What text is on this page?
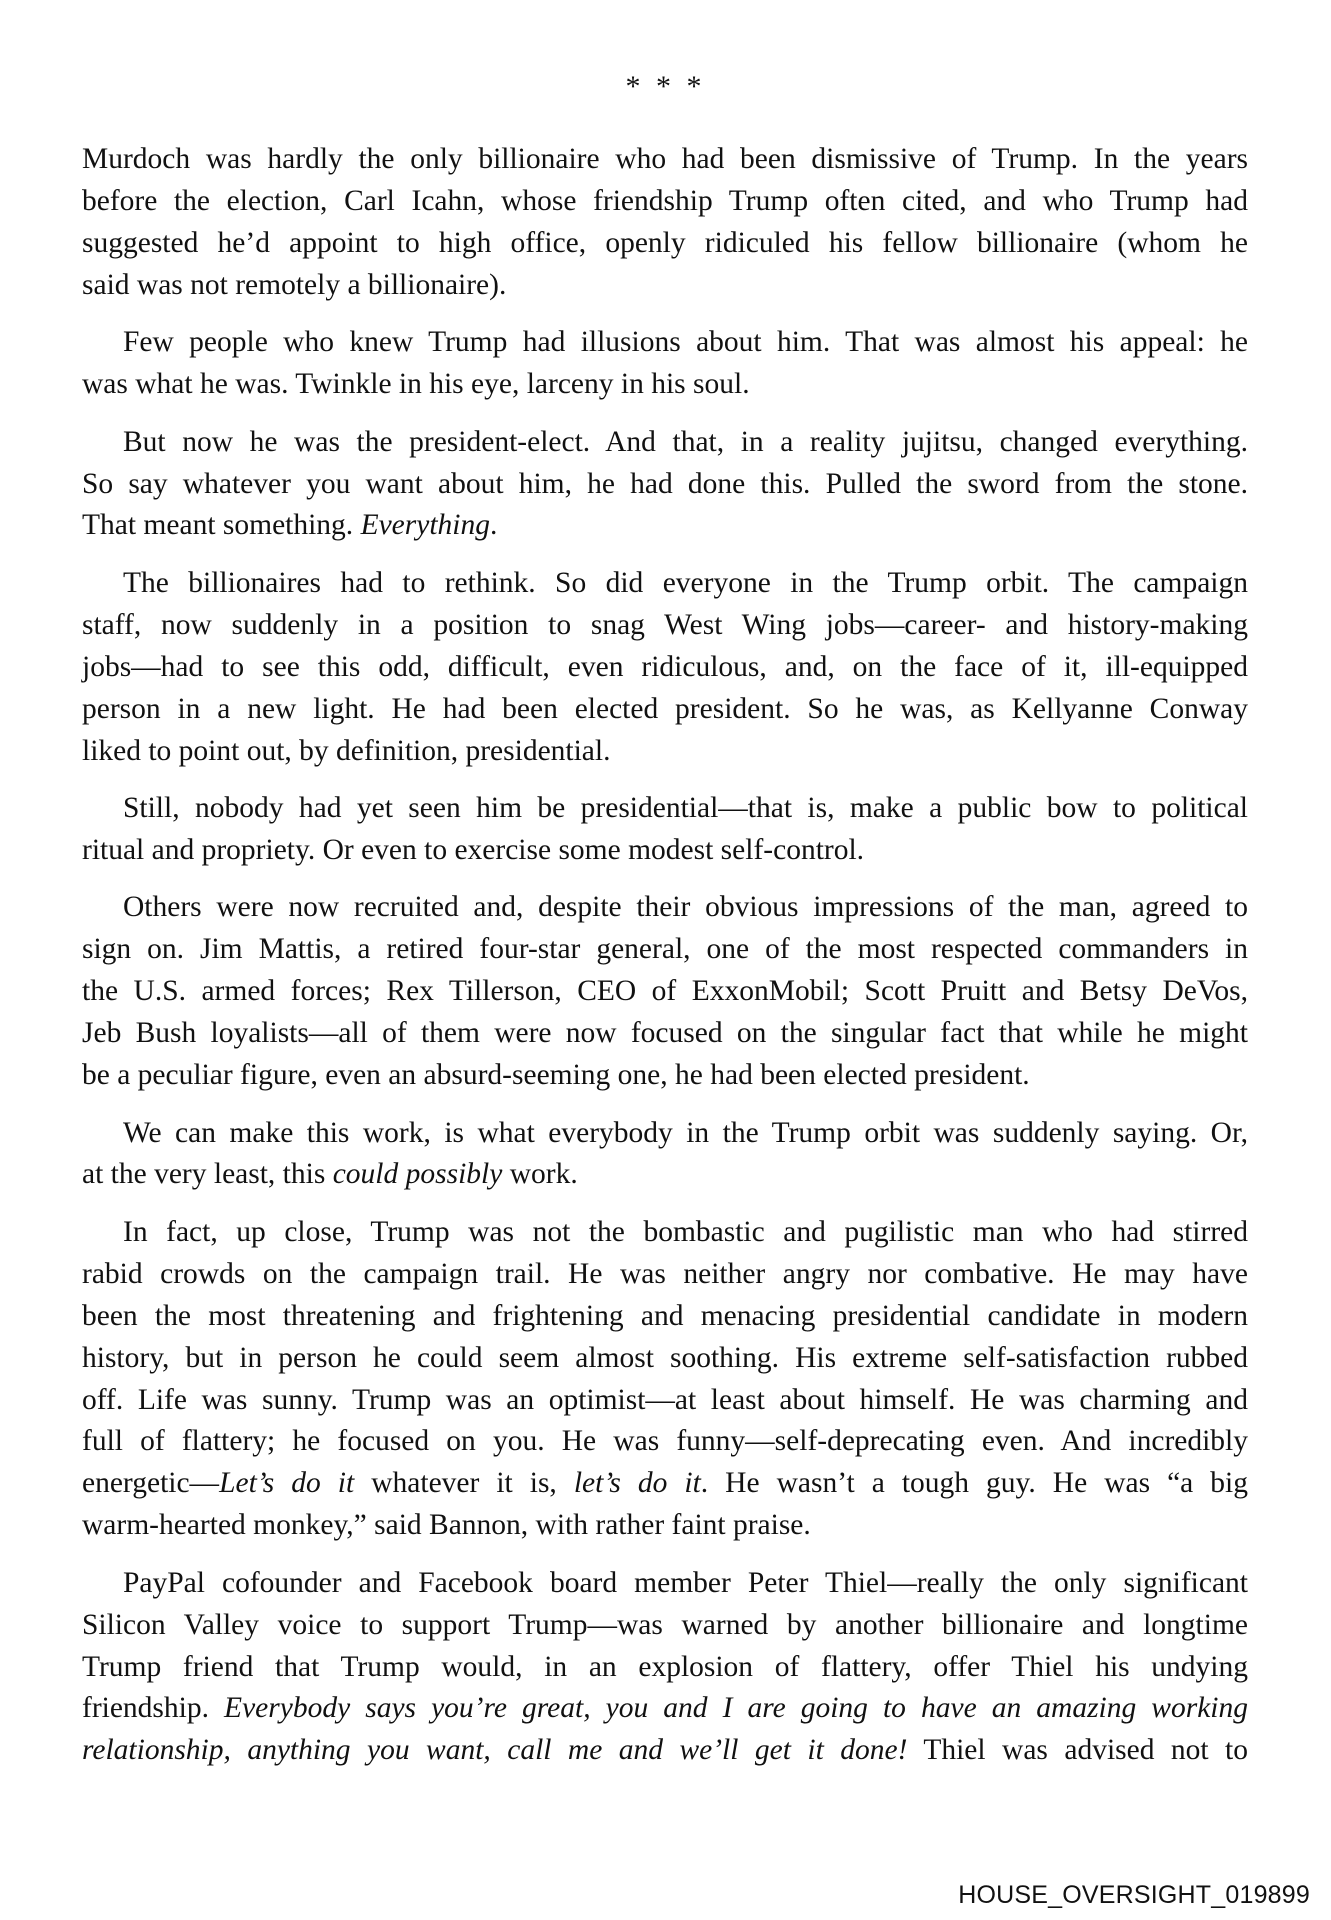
* * *
Murdoch was hardly the only billionaire who had been dismissive of Trump. In the years
before the election, Carl Icahn, whose friendship Trump often cited, and who Trump had
suggested he’d appoint to high office, openly ridiculed his fellow billionaire (whom he
said was not remotely a billionaire).
Few people who knew Trump had illusions about him. That was almost his appeal: he
was what he was. Twinkle in his eye, larceny in his soul.
But now he was the president-elect. And that, in a reality jujitsu, changed everything.
So say whatever you want about him, he had done this. Pulled the sword from the stone.
That meant something. Everything.
The billionaires had to rethink. So did everyone in the Trump orbit. The campaign
staff, now suddenly in a position to snag West Wing jobs—career- and history-making
jobs—had to see this odd, difficult, even ridiculous, and, on the face of it, ill-equipped
person in a new light. He had been elected president. So he was, as Kellyanne Conway
liked to point out, by definition, presidential.
Still, nobody had yet seen him be presidential—that is, make a public bow to political
ritual and propriety. Or even to exercise some modest self-control.
Others were now recruited and, despite their obvious impressions of the man, agreed to
sign on. Jim Mattis, a retired four-star general, one of the most respected commanders in
the U.S. armed forces; Rex Tillerson, CEO of ExxonMobil; Scott Pruitt and Betsy DeVos,
Jeb Bush loyalists—all of them were now focused on the singular fact that while he might
be a peculiar figure, even an absurd-seeming one, he had been elected president.
We can make this work, is what everybody in the Trump orbit was suddenly saying. Or,
at the very least, this could possibly work.
In fact, up close, Trump was not the bombastic and pugilistic man who had stirred
rabid crowds on the campaign trail. He was neither angry nor combative. He may have
been the most threatening and frightening and menacing presidential candidate in modern
history, but in person he could seem almost soothing. His extreme self-satisfaction rubbed
off. Life was sunny. Trump was an optimist—at least about himself. He was charming and
full of flattery; he focused on you. He was funny—self-deprecating even. And incredibly
energetic—Let’s do it whatever it is, let’s do it. He wasn’t a tough guy. He was “a big
warm-hearted monkey,” said Bannon, with rather faint praise.
PayPal cofounder and Facebook board member Peter Thiel—really the only significant
Silicon Valley voice to support Trump—was warned by another billionaire and longtime
Trump friend that Trump would, in an explosion of flattery, offer Thiel his undying
friendship. Everybody says you’re great, you and I are going to have an amazing working
relationship, anything you want, call me and we’ll get it done! Thiel was advised not to
HOUSE_OVERSIGHT_019899
